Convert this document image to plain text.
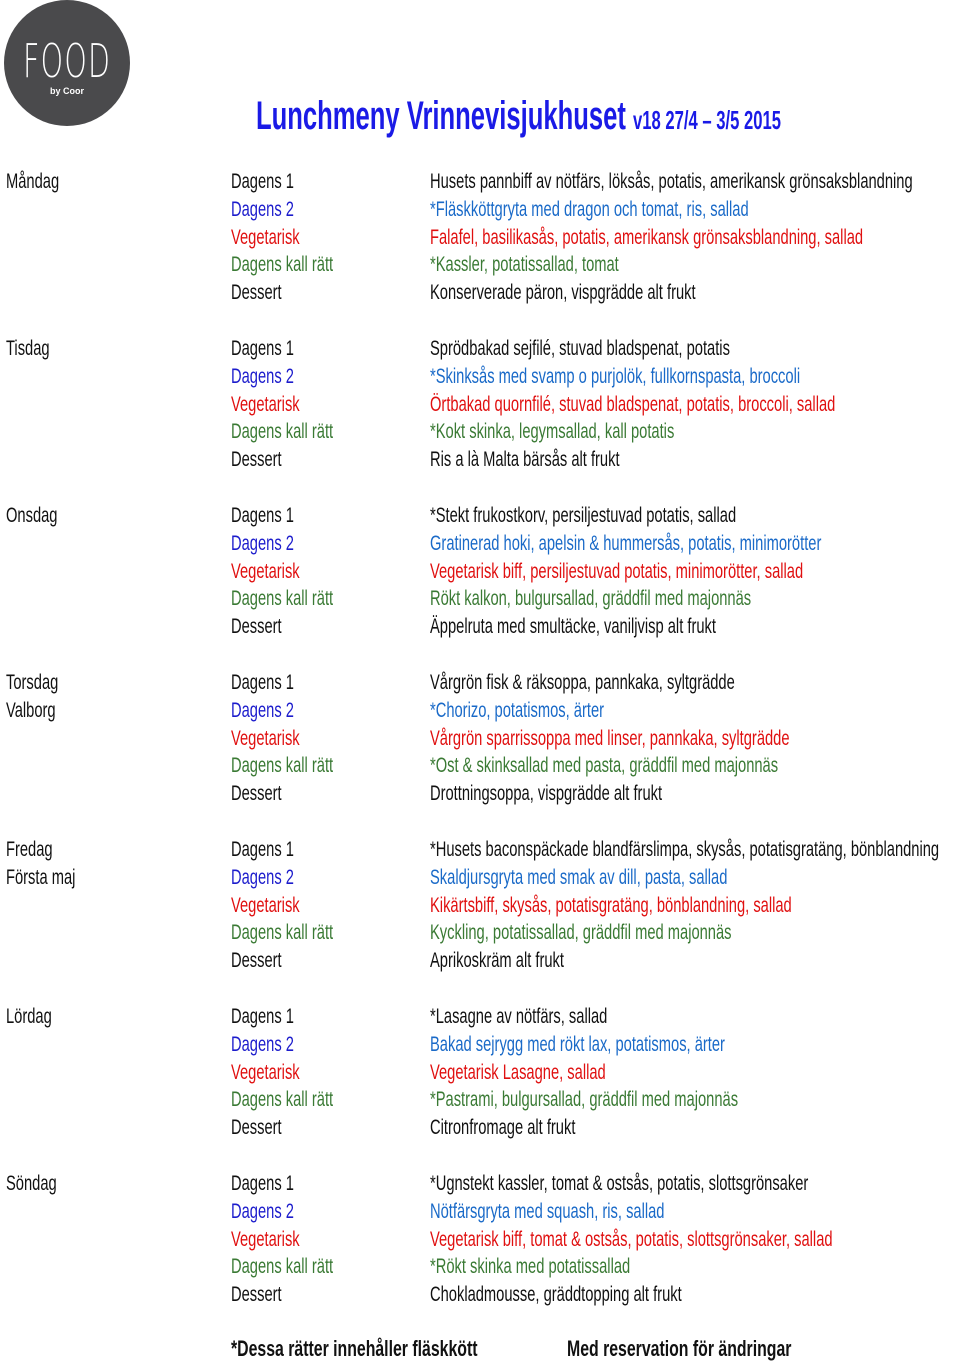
FOOD
by Coor
Lunchmeny Vrinnevisjukhuset v18 27/4 – 3/5 2015
Måndag	Dagens 1	Husets pannbiff av nötfärs, löksås, potatis, amerikansk grönsaksblandning
Dagens 2	*Fläskköttgryta med dragon och tomat, ris, sallad
Vegetarisk	Falafel, basilikasås, potatis, amerikansk grönsaksblandning, sallad
Dagens kall rätt	*Kassler, potatissallad, tomat
Dessert	Konserverade päron, vispgrädde alt frukt
Tisdag	Dagens 1	Sprödbakad sejfilé, stuvad bladspenat, potatis
Dagens 2	*Skinksås med svamp o purjolök, fullkornspasta, broccoli
Vegetarisk	Örtbakad quornfilé, stuvad bladspenat, potatis, broccoli, sallad
Dagens kall rätt	*Kokt skinka, legymsallad, kall potatis
Dessert	Ris a là Malta bärsås alt frukt
Onsdag	Dagens 1	*Stekt frukostkorv, persiljestuvad potatis, sallad
Dagens 2	Gratinerad hoki, apelsin & hummersås, potatis, minimorötter
Vegetarisk	Vegetarisk biff, persiljestuvad potatis, minimorötter, sallad
Dagens kall rätt	Rökt kalkon, bulgursallad, gräddfil med majonnäs
Dessert	Äppelruta med smultäcke, vaniljvisp alt frukt
Torsdag
Valborg
Dagens 1	Vårgrön fisk & räksoppa, pannkaka, syltgrädde
Dagens 2	*Chorizo, potatismos, ärter
Vegetarisk	Vårgrön sparrissoppa med linser, pannkaka, syltgrädde
Dagens kall rätt	*Ost & skinksallad med pasta, gräddfil med majonnäs
Dessert	Drottningsoppa, vispgrädde alt frukt
Fredag
Första maj
Dagens 1	*Husets baconspäckade blandfärslimpa, skysås, potatisgratäng, bönblandning
Dagens 2	Skaldjursgryta med smak av dill, pasta, sallad
Vegetarisk	Kikärtsbiff, skysås, potatisgratäng, bönblandning, sallad
Dagens kall rätt	Kyckling, potatissallad, gräddfil med majonnäs
Dessert	Aprikoskräm alt frukt
Lördag	Dagens 1	*Lasagne av nötfärs, sallad
Dagens 2	Bakad sejrygg med rökt lax, potatismos, ärter
Vegetarisk	Vegetarisk Lasagne, sallad
Dagens kall rätt	*Pastrami, bulgursallad, gräddfil med majonnäs
Dessert	Citronfromage alt frukt
Söndag	Dagens 1	*Ugnstekt kassler, tomat & ostsås, potatis, slottsgrönsaker
Dagens 2	Nötfärsgryta med squash, ris, sallad
Vegetarisk	Vegetarisk biff, tomat & ostsås, potatis, slottsgrönsaker, sallad
Dagens kall rätt	*Rökt skinka med potatissallad
Dessert	Chokladmousse, gräddtopping alt frukt
*Dessa rätter innehåller fläskkött	Med reservation för ändringar
